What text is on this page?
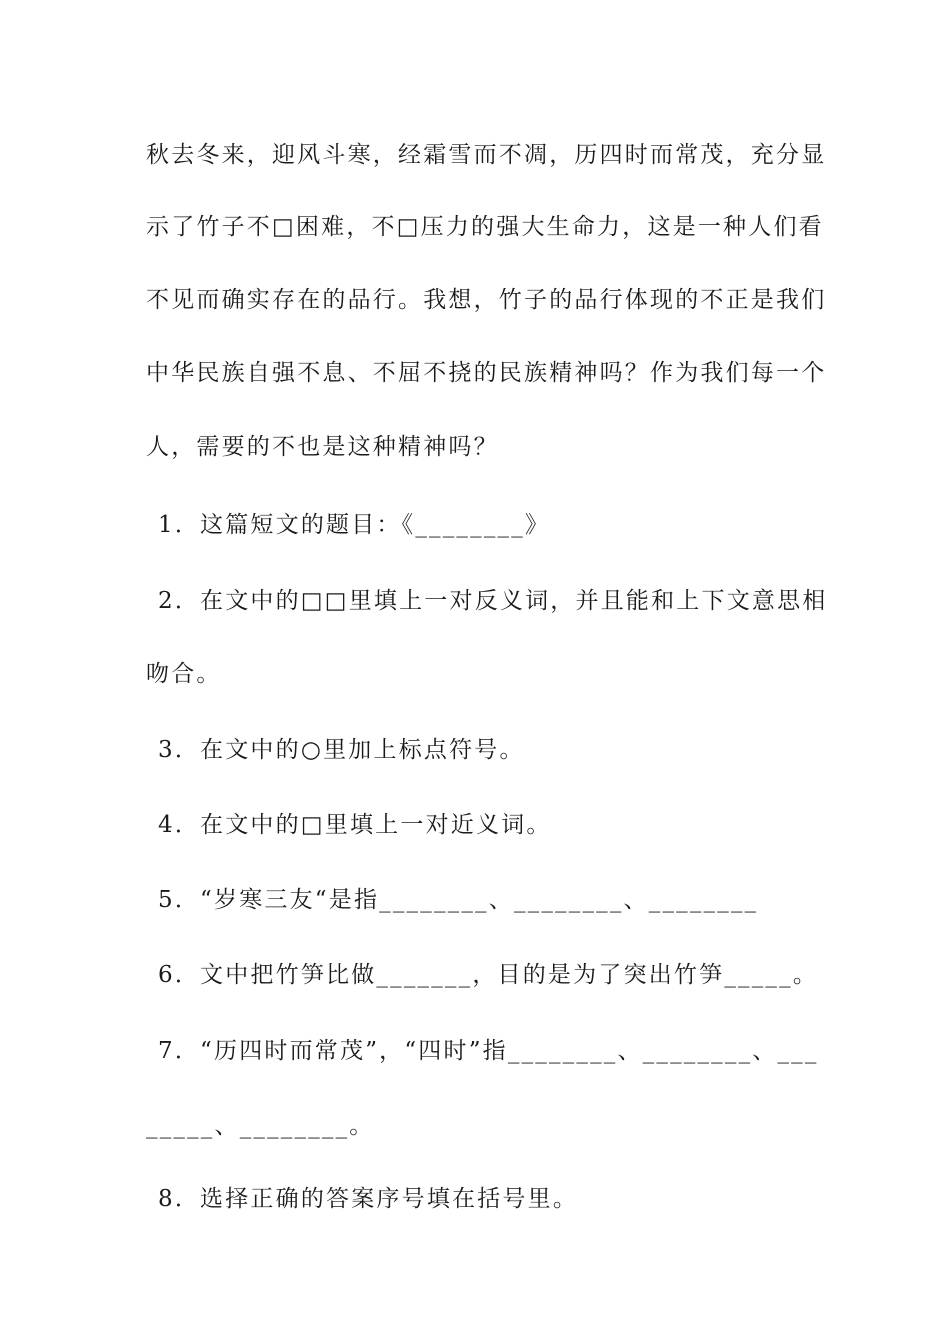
秋去冬来，迎风斗寒，经霜雪而不凋，历四时而常茂，充分显
示了竹子不□困难，不□压力的强大生命力，这是一种人们看
不见而确实存在的品行。我想，竹子的品行体现的不正是我们
中华民族自强不息、不屈不挠的民族精神吗？作为我们每一个
人，需要的不也是这种精神吗？
1．这篇短文的题目：《________》
2．在文中的□□里填上一对反义词，并且能和上下文意思相
吻合。
3．在文中的○里加上标点符号。
4．在文中的□里填上一对近义词。
5．“岁寒三友“是指________、________、________
6．文中把竹笋比做_______，目的是为了突出竹笋_____。
7．“历四时而常茂”，“四时”指________、________、___
_____、________。
8．选择正确的答案序号填在括号里。
